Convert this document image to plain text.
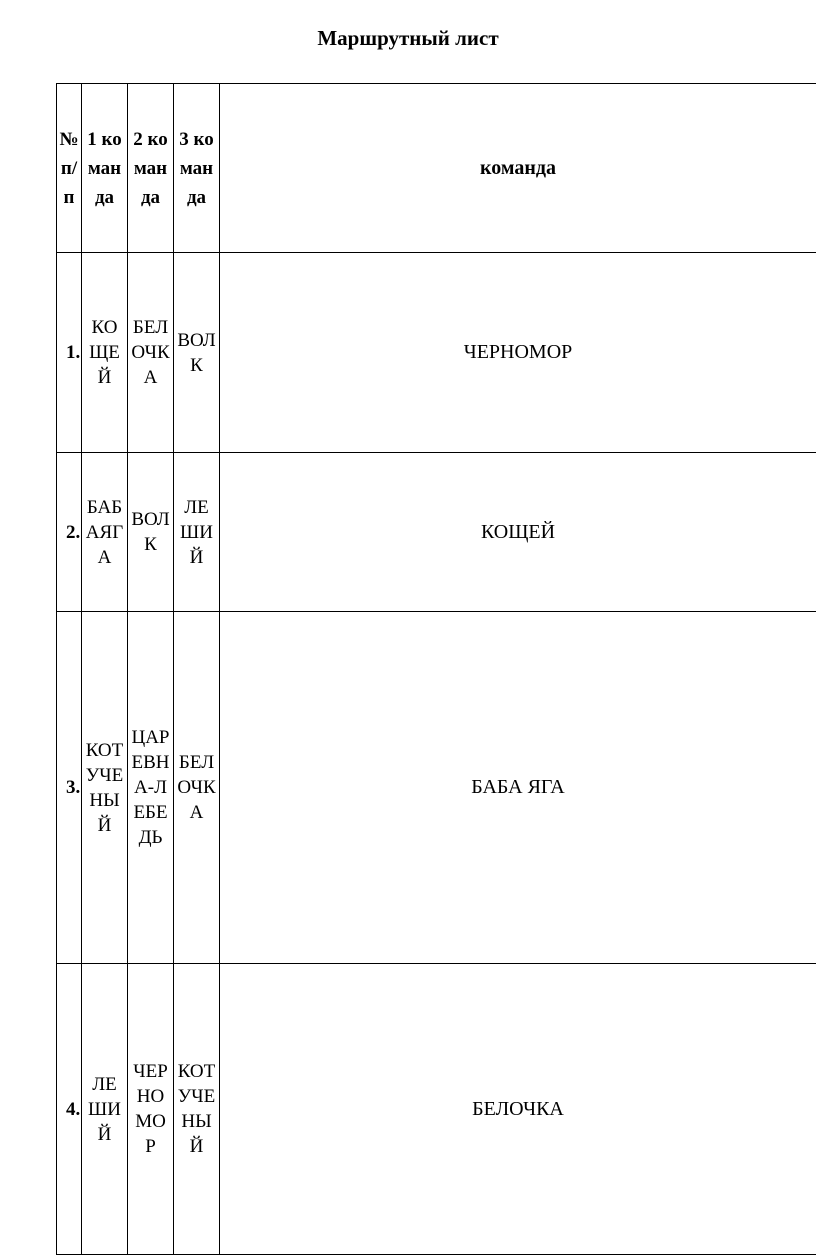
Маршрутный лист
№ п/п	1 команда	2 команда	3 команда	команда
1.	КОЩЕЙ	БЕЛОЧКА	ВОЛК	ЧЕРНОМОР
2.	БАБАЯГА	ВОЛК	ЛЕШИЙ	КОЩЕЙ
3.	КОТУЧЕНЫЙ	ЦАРЕВНА-ЛЕБЕДЬ	БЕЛОЧКА	БАБА ЯГА
4.	ЛЕШИЙ	ЧЕРНОМОР	КОТУЧЕНЫЙ	БЕЛОЧКА
